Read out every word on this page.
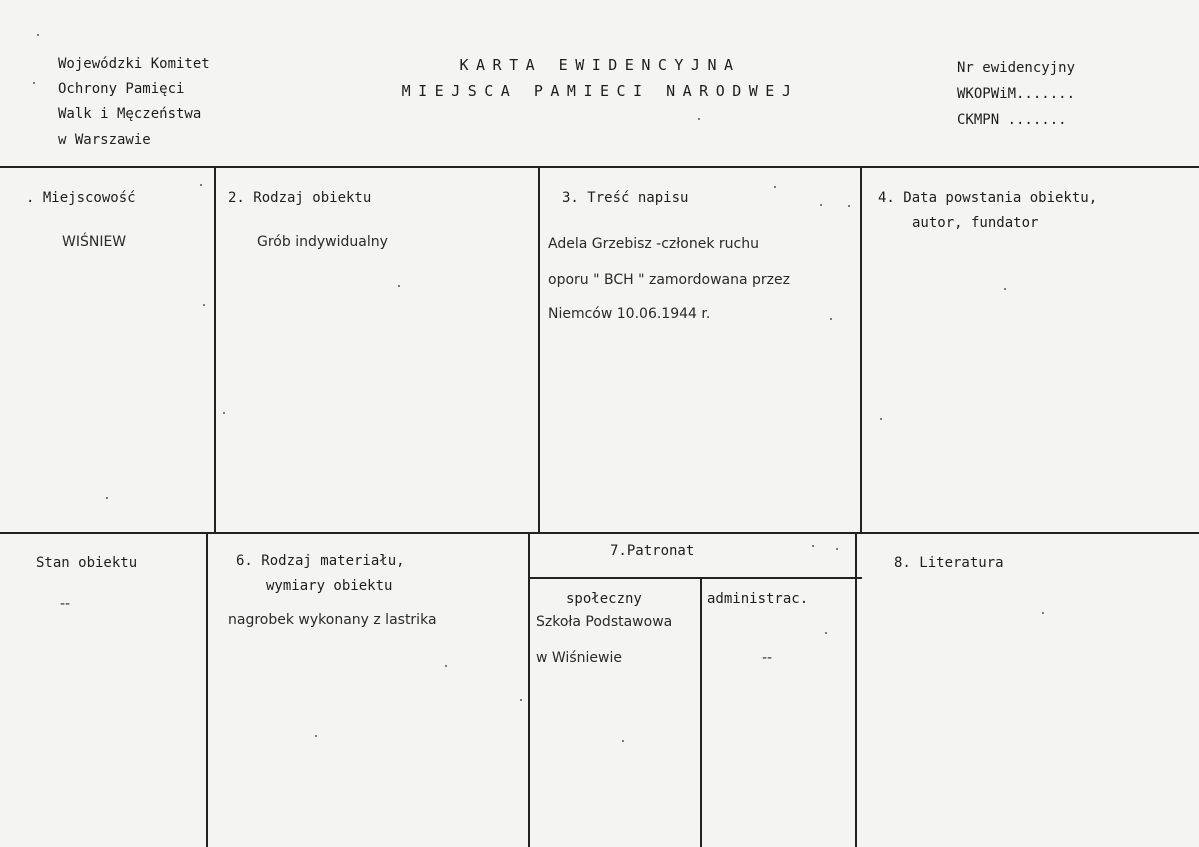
Wojewódzki Komitet
Ochrony Pamięci
Walk i Męczeństwa
w Warszawie
KARTA EWIDENCYJNA
MIEJSCA PAMIECI NARODWEJ
Nr ewidencyjny
WKOPWiM.......
CKMPN .......
. Miejscowość
WIŚNIEW
2. Rodzaj obiektu
Grób indywidualny
3. Treść napisu
Adela Grzebisz -członek ruchu
oporu " BCH " zamordowana przez
Niemców 10.06.1944 r.
4. Data powstania obiektu,
autor, fundator
Stan obiektu
--
6. Rodzaj materiału,
wymiary obiektu
nagrobek wykonany z lastrika
7.Patronat
społeczny
Szkoła Podstawowa
w Wiśniewie
administrac.
--
8. Literatura
